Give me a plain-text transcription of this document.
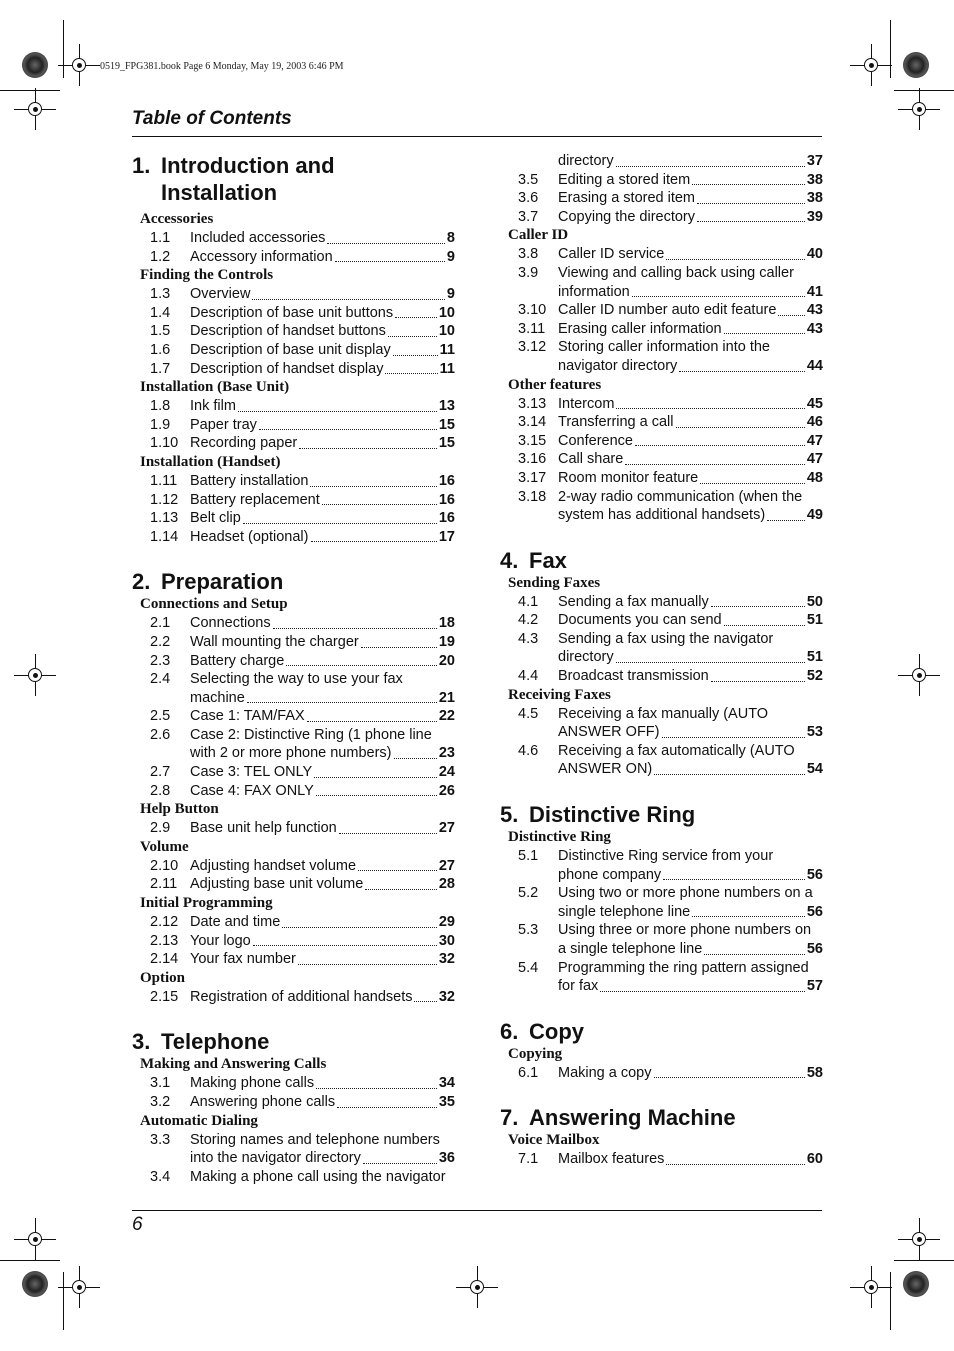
0519_FPG381.book Page 6 Monday, May 19, 2003 6:46 PM
Table of Contents
1. Introduction and
Installation
Accessories
1.1 Included accessories	8
1.2 Accessory information	9
Finding the Controls
1.3 Overview	9
1.4 Description of base unit buttons	10
1.5 Description of handset buttons	10
1.6 Description of base unit display	11
1.7 Description of handset display	11
Installation (Base Unit)
1.8 Ink film	13
1.9 Paper tray	15
1.10 Recording paper	15
Installation (Handset)
1.11 Battery installation	16
1.12 Battery replacement	16
1.13 Belt clip	16
1.14 Headset (optional)	17
2. Preparation
Connections and Setup
2.1 Connections	18
2.2 Wall mounting the charger	19
2.3 Battery charge	20
2.4 Selecting the way to use your fax
machine	21
2.5 Case 1: TAM/FAX	22
2.6 Case 2: Distinctive Ring (1 phone line
with 2 or more phone numbers)	23
2.7 Case 3: TEL ONLY	24
2.8 Case 4: FAX ONLY	26
Help Button
2.9 Base unit help function	27
Volume
2.10 Adjusting handset volume	27
2.11 Adjusting base unit volume	28
Initial Programming
2.12 Date and time	29
2.13 Your logo	30
2.14 Your fax number	32
Option
2.15 Registration of additional handsets 32
3. Telephone
Making and Answering Calls
3.1 Making phone calls	34
3.2 Answering phone calls	35
Automatic Dialing
3.3 Storing names and telephone numbers
into the navigator directory	36
3.4 Making a phone call using the navigator
directory	37
3.5 Editing a stored item	38
3.6 Erasing a stored item	38
3.7 Copying the directory	39
Caller ID
3.8 Caller ID service	40
3.9 Viewing and calling back using caller
information	41
3.10 Caller ID number auto edit feature 43
3.11 Erasing caller information	43
3.12 Storing caller information into the
navigator directory	44
Other features
3.13 Intercom	45
3.14 Transferring a call	46
3.15 Conference	47
3.16 Call share	47
3.17 Room monitor feature	48
3.18 2-way radio communication (when the
system has additional handsets)	49
4. Fax
Sending Faxes
4.1 Sending a fax manually	50
4.2 Documents you can send	51
4.3 Sending a fax using the navigator
directory	51
4.4 Broadcast transmission	52
Receiving Faxes
4.5 Receiving a fax manually (AUTO
ANSWER OFF)	53
4.6 Receiving a fax automatically (AUTO
ANSWER ON)	54
5. Distinctive Ring
Distinctive Ring
5.1 Distinctive Ring service from your
phone company	56
5.2 Using two or more phone numbers on a
single telephone line	56
5.3 Using three or more phone numbers on
a single telephone line	56
5.4 Programming the ring pattern assigned
for fax	57
6. Copy
Copying
6.1 Making a copy	58
7. Answering Machine
Voice Mailbox
7.1 Mailbox features	60
6
